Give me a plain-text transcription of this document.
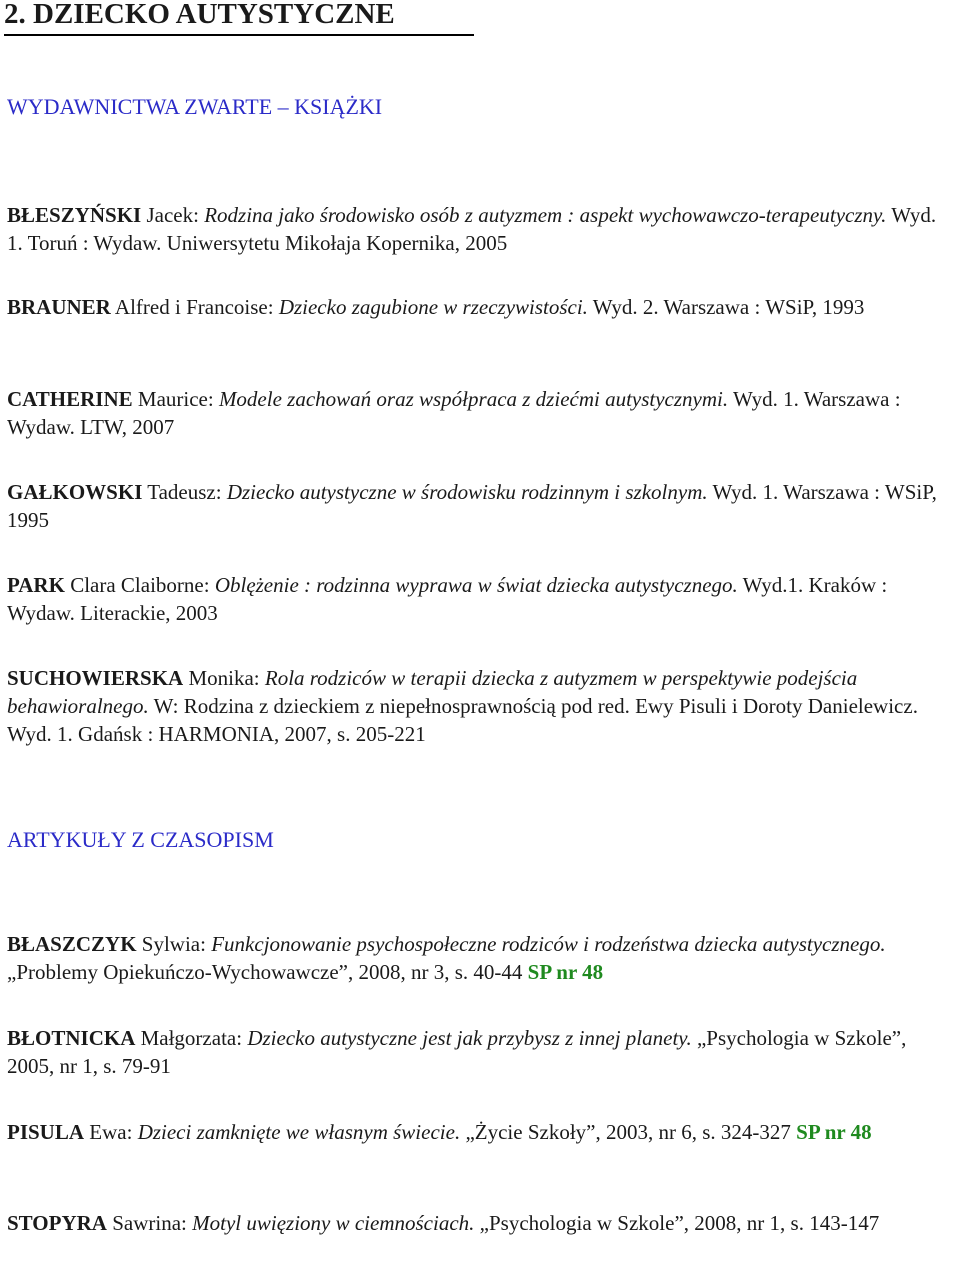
2. DZIECKO AUTYSTYCZNE
WYDAWNICTWA ZWARTE – KSIĄŻKI

BŁESZYŃSKI Jacek: Rodzina jako środowisko osób z autyzmem : aspekt wychowawczo-terapeutyczny. Wyd. 1. Toruń : Wydaw. Uniwersytetu Mikołaja Kopernika, 2005

BRAUNER Alfred i Francoise: Dziecko zagubione w rzeczywistości. Wyd. 2. Warszawa : WSiP, 1993

CATHERINE Maurice: Modele zachowań oraz współpraca z dziećmi autystycznymi. Wyd. 1. Warszawa : Wydaw. LTW, 2007

GAŁKOWSKI Tadeusz: Dziecko autystyczne w środowisku rodzinnym i szkolnym. Wyd. 1. Warszawa : WSiP, 1995

PARK Clara Claiborne: Oblężenie : rodzinna wyprawa w świat dziecka autystycznego. Wyd.1. Kraków : Wydaw. Literackie, 2003

SUCHOWIERSKA Monika: Rola rodziców w terapii dziecka z autyzmem w perspektywie podejścia behawioralnego. W: Rodzina z dzieckiem z niepełnosprawnością pod red. Ewy Pisuli i Doroty Danielewicz. Wyd. 1. Gdańsk : HARMONIA, 2007, s. 205-221

ARTYKUŁY Z CZASOPISM

BŁASZCZYK Sylwia: Funkcjonowanie psychospołeczne rodziców i rodzeństwa dziecka autystycznego. „Problemy Opiekuńczo-Wychowawcze”, 2008, nr 3, s. 40-44 SP nr 48

BŁOTNICKA Małgorzata: Dziecko autystyczne jest jak przybysz z innej planety. „Psychologia w Szkole”, 2005, nr 1, s. 79-91

PISULA Ewa: Dzieci zamknięte we własnym świecie. „Życie Szkoły”, 2003, nr 6, s. 324-327 SP nr 48

STOPYRA Sawrina: Motyl uwięziony w ciemnościach. „Psychologia w Szkole”, 2008, nr 1, s. 143-147
